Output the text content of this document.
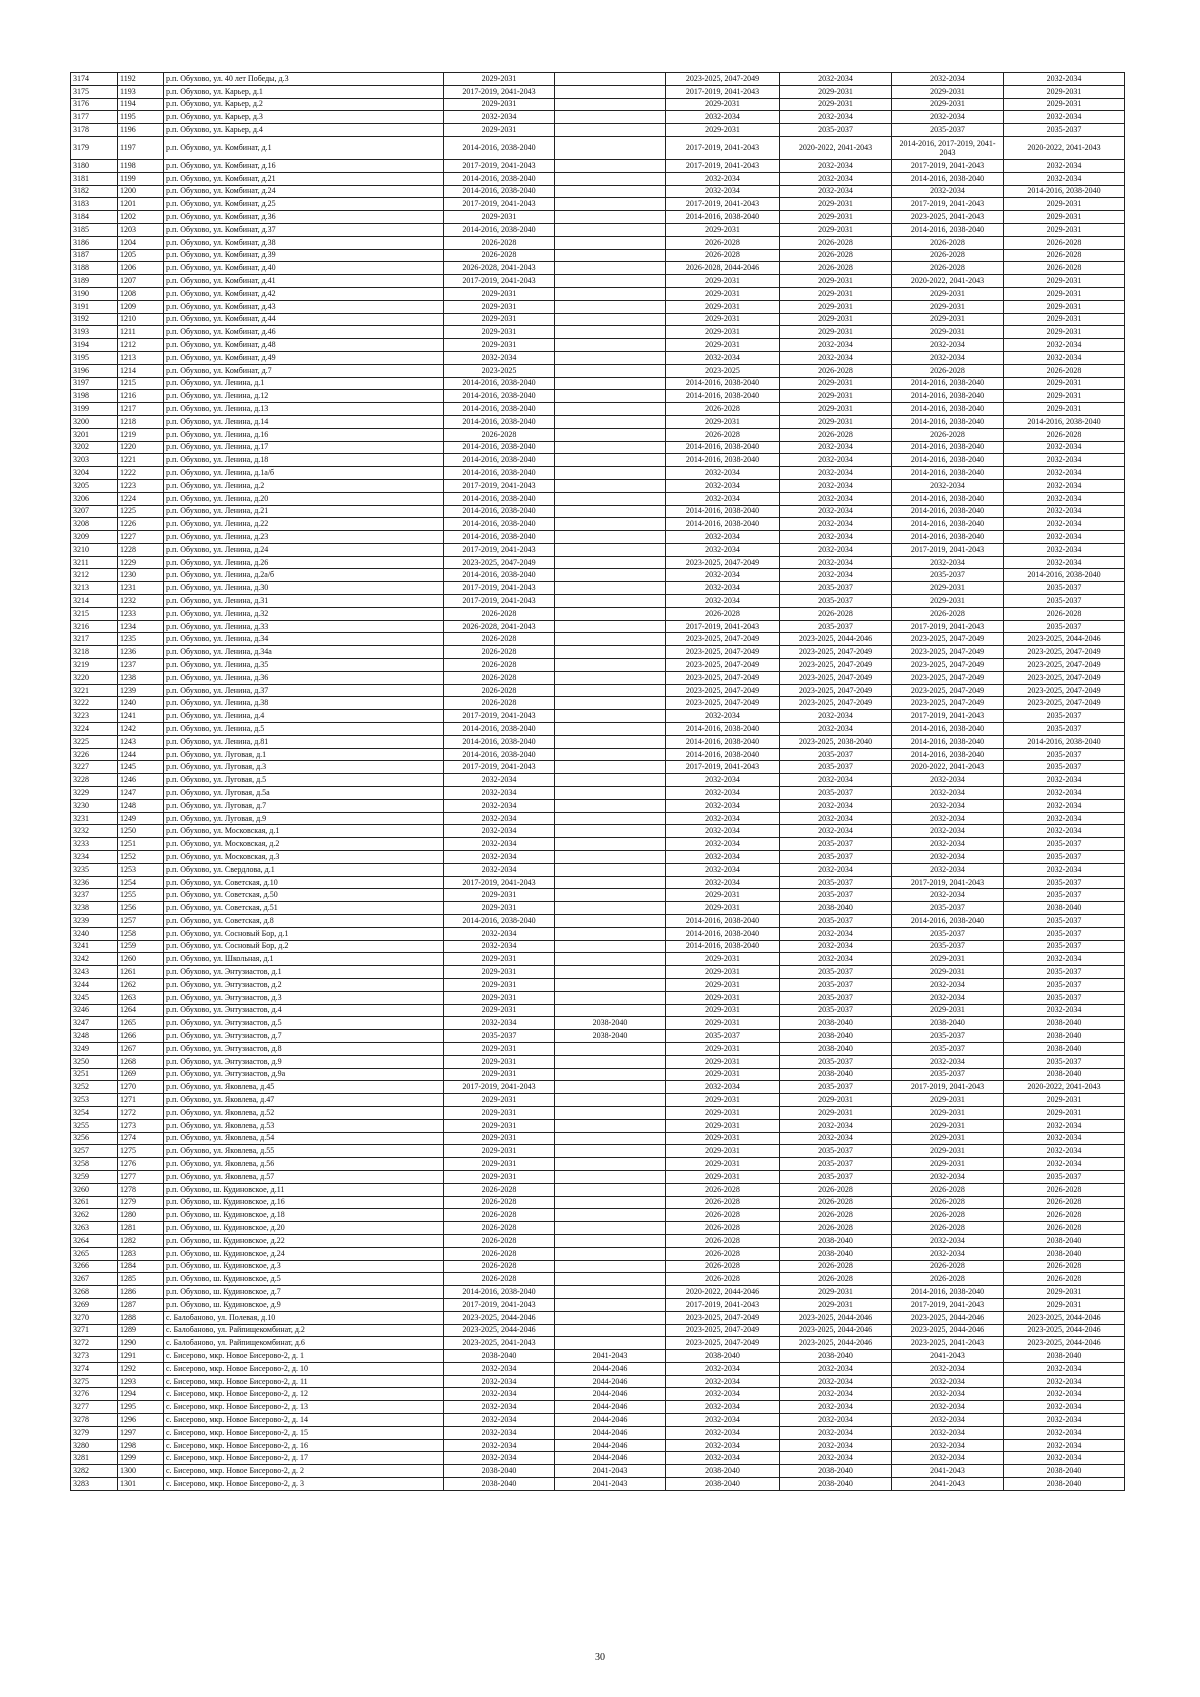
3174	1192	р.п. Обухово, ул. 40 лет Победы, д.3	2029-2031		2023-2025, 2047-2049	2032-2034	2032-2034	2032-2034
3175	1193	р.п. Обухово, ул. Карьер, д.1	2017-2019, 2041-2043		2017-2019, 2041-2043	2029-2031	2029-2031	2029-2031
3176	1194	р.п. Обухово, ул. Карьер, д.2	2029-2031		2029-2031	2029-2031	2029-2031	2029-2031
3177	1195	р.п. Обухово, ул. Карьер, д.3	2032-2034		2032-2034	2032-2034	2032-2034	2032-2034
3178	1196	р.п. Обухово, ул. Карьер, д.4	2029-2031		2029-2031	2035-2037	2035-2037	2035-2037
3179	1197	р.п. Обухово, ул. Комбинат, д.1	2014-2016, 2038-2040		2017-2019, 2041-2043	2020-2022, 2041-2043	2014-2016, 2017-2019, 2041-2043	2020-2022, 2041-2043
3180	1198	р.п. Обухово, ул. Комбинат, д.16	2017-2019, 2041-2043		2017-2019, 2041-2043	2032-2034	2017-2019, 2041-2043	2032-2034
3181	1199	р.п. Обухово, ул. Комбинат, д.21	2014-2016, 2038-2040		2032-2034	2032-2034	2014-2016, 2038-2040	2032-2034
3182	1200	р.п. Обухово, ул. Комбинат, д.24	2014-2016, 2038-2040		2032-2034	2032-2034	2032-2034	2014-2016, 2038-2040
3183	1201	р.п. Обухово, ул. Комбинат, д.25	2017-2019, 2041-2043		2017-2019, 2041-2043	2029-2031	2017-2019, 2041-2043	2029-2031
3184	1202	р.п. Обухово, ул. Комбинат, д.36	2029-2031		2014-2016, 2038-2040	2029-2031	2023-2025, 2041-2043	2029-2031
3185	1203	р.п. Обухово, ул. Комбинат, д.37	2014-2016, 2038-2040		2029-2031	2029-2031	2014-2016, 2038-2040	2029-2031
3186	1204	р.п. Обухово, ул. Комбинат, д.38	2026-2028		2026-2028	2026-2028	2026-2028	2026-2028
3187	1205	р.п. Обухово, ул. Комбинат, д.39	2026-2028		2026-2028	2026-2028	2026-2028	2026-2028
3188	1206	р.п. Обухово, ул. Комбинат, д.40	2026-2028, 2041-2043		2026-2028, 2044-2046	2026-2028	2026-2028	2026-2028
3189	1207	р.п. Обухово, ул. Комбинат, д.41	2017-2019, 2041-2043		2029-2031	2029-2031	2020-2022, 2041-2043	2029-2031
3190	1208	р.п. Обухово, ул. Комбинат, д.42	2029-2031		2029-2031	2029-2031	2029-2031	2029-2031
3191	1209	р.п. Обухово, ул. Комбинат, д.43	2029-2031		2029-2031	2029-2031	2029-2031	2029-2031
3192	1210	р.п. Обухово, ул. Комбинат, д.44	2029-2031		2029-2031	2029-2031	2029-2031	2029-2031
3193	1211	р.п. Обухово, ул. Комбинат, д.46	2029-2031		2029-2031	2029-2031	2029-2031	2029-2031
3194	1212	р.п. Обухово, ул. Комбинат, д.48	2029-2031		2029-2031	2032-2034	2032-2034	2032-2034
3195	1213	р.п. Обухово, ул. Комбинат, д.49	2032-2034		2032-2034	2032-2034	2032-2034	2032-2034
3196	1214	р.п. Обухово, ул. Комбинат, д.7	2023-2025		2023-2025	2026-2028	2026-2028	2026-2028
3197	1215	р.п. Обухово, ул. Ленина, д.1	2014-2016, 2038-2040		2014-2016, 2038-2040	2029-2031	2014-2016, 2038-2040	2029-2031
3198	1216	р.п. Обухово, ул. Ленина, д.12	2014-2016, 2038-2040		2014-2016, 2038-2040	2029-2031	2014-2016, 2038-2040	2029-2031
3199	1217	р.п. Обухово, ул. Ленина, д.13	2014-2016, 2038-2040		2026-2028	2029-2031	2014-2016, 2038-2040	2029-2031
3200	1218	р.п. Обухово, ул. Ленина, д.14	2014-2016, 2038-2040		2029-2031	2029-2031	2014-2016, 2038-2040	2014-2016, 2038-2040
3201	1219	р.п. Обухово, ул. Ленина, д.16	2026-2028		2026-2028	2026-2028	2026-2028	2026-2028
3202	1220	р.п. Обухово, ул. Ленина, д.17	2014-2016, 2038-2040		2014-2016, 2038-2040	2032-2034	2014-2016, 2038-2040	2032-2034
3203	1221	р.п. Обухово, ул. Ленина, д.18	2014-2016, 2038-2040		2014-2016, 2038-2040	2032-2034	2014-2016, 2038-2040	2032-2034
3204	1222	р.п. Обухово, ул. Ленина, д.1а/б	2014-2016, 2038-2040		2032-2034	2032-2034	2014-2016, 2038-2040	2032-2034
3205	1223	р.п. Обухово, ул. Ленина, д.2	2017-2019, 2041-2043		2032-2034	2032-2034	2032-2034	2032-2034
3206	1224	р.п. Обухово, ул. Ленина, д.20	2014-2016, 2038-2040		2032-2034	2032-2034	2014-2016, 2038-2040	2032-2034
3207	1225	р.п. Обухово, ул. Ленина, д.21	2014-2016, 2038-2040		2014-2016, 2038-2040	2032-2034	2014-2016, 2038-2040	2032-2034
3208	1226	р.п. Обухово, ул. Ленина, д.22	2014-2016, 2038-2040		2014-2016, 2038-2040	2032-2034	2014-2016, 2038-2040	2032-2034
3209	1227	р.п. Обухово, ул. Ленина, д.23	2014-2016, 2038-2040		2032-2034	2032-2034	2014-2016, 2038-2040	2032-2034
3210	1228	р.п. Обухово, ул. Ленина, д.24	2017-2019, 2041-2043		2032-2034	2032-2034	2017-2019, 2041-2043	2032-2034
3211	1229	р.п. Обухово, ул. Ленина, д.26	2023-2025, 2047-2049		2023-2025, 2047-2049	2032-2034	2032-2034	2032-2034
3212	1230	р.п. Обухово, ул. Ленина, д.2а/б	2014-2016, 2038-2040		2032-2034	2032-2034	2035-2037	2014-2016, 2038-2040
3213	1231	р.п. Обухово, ул. Ленина, д.30	2017-2019, 2041-2043		2032-2034	2035-2037	2029-2031	2035-2037
3214	1232	р.п. Обухово, ул. Ленина, д.31	2017-2019, 2041-2043		2032-2034	2035-2037	2029-2031	2035-2037
3215	1233	р.п. Обухово, ул. Ленина, д.32	2026-2028		2026-2028	2026-2028	2026-2028	2026-2028
3216	1234	р.п. Обухово, ул. Ленина, д.33	2026-2028, 2041-2043		2017-2019, 2041-2043	2035-2037	2017-2019, 2041-2043	2035-2037
3217	1235	р.п. Обухово, ул. Ленина, д.34	2026-2028		2023-2025, 2047-2049	2023-2025, 2044-2046	2023-2025, 2047-2049	2023-2025, 2044-2046
3218	1236	р.п. Обухово, ул. Ленина, д.34а	2026-2028		2023-2025, 2047-2049	2023-2025, 2047-2049	2023-2025, 2047-2049	2023-2025, 2047-2049
3219	1237	р.п. Обухово, ул. Ленина, д.35	2026-2028		2023-2025, 2047-2049	2023-2025, 2047-2049	2023-2025, 2047-2049	2023-2025, 2047-2049
3220	1238	р.п. Обухово, ул. Ленина, д.36	2026-2028		2023-2025, 2047-2049	2023-2025, 2047-2049	2023-2025, 2047-2049	2023-2025, 2047-2049
3221	1239	р.п. Обухово, ул. Ленина, д.37	2026-2028		2023-2025, 2047-2049	2023-2025, 2047-2049	2023-2025, 2047-2049	2023-2025, 2047-2049
3222	1240	р.п. Обухово, ул. Ленина, д.38	2026-2028		2023-2025, 2047-2049	2023-2025, 2047-2049	2023-2025, 2047-2049	2023-2025, 2047-2049
3223	1241	р.п. Обухово, ул. Ленина, д.4	2017-2019, 2041-2043		2032-2034	2032-2034	2017-2019, 2041-2043	2035-2037
3224	1242	р.п. Обухово, ул. Ленина, д.5	2014-2016, 2038-2040		2014-2016, 2038-2040	2032-2034	2014-2016, 2038-2040	2035-2037
3225	1243	р.п. Обухово, ул. Ленина, д.81	2014-2016, 2038-2040		2014-2016, 2038-2040	2023-2025, 2038-2040	2014-2016, 2038-2040	2014-2016, 2038-2040
3226	1244	р.п. Обухово, ул. Луговая, д.1	2014-2016, 2038-2040		2014-2016, 2038-2040	2035-2037	2014-2016, 2038-2040	2035-2037
3227	1245	р.п. Обухово, ул. Луговая, д.3	2017-2019, 2041-2043		2017-2019, 2041-2043	2035-2037	2020-2022, 2041-2043	2035-2037
3228	1246	р.п. Обухово, ул. Луговая, д.5	2032-2034		2032-2034	2032-2034	2032-2034	2032-2034
3229	1247	р.п. Обухово, ул. Луговая, д.5а	2032-2034		2032-2034	2035-2037	2032-2034	2032-2034
3230	1248	р.п. Обухово, ул. Луговая, д.7	2032-2034		2032-2034	2032-2034	2032-2034	2032-2034
3231	1249	р.п. Обухово, ул. Луговая, д.9	2032-2034		2032-2034	2032-2034	2032-2034	2032-2034
3232	1250	р.п. Обухово, ул. Московская, д.1	2032-2034		2032-2034	2032-2034	2032-2034	2032-2034
3233	1251	р.п. Обухово, ул. Московская, д.2	2032-2034		2032-2034	2035-2037	2032-2034	2035-2037
3234	1252	р.п. Обухово, ул. Московская, д.3	2032-2034		2032-2034	2035-2037	2032-2034	2035-2037
3235	1253	р.п. Обухово, ул. Свердлова, д.1	2032-2034		2032-2034	2032-2034	2032-2034	2032-2034
3236	1254	р.п. Обухово, ул. Советская, д.10	2017-2019, 2041-2043		2032-2034	2035-2037	2017-2019, 2041-2043	2035-2037
3237	1255	р.п. Обухово, ул. Советская, д.50	2029-2031		2029-2031	2035-2037	2032-2034	2035-2037
3238	1256	р.п. Обухово, ул. Советская, д.51	2029-2031		2029-2031	2038-2040	2035-2037	2038-2040
3239	1257	р.п. Обухово, ул. Советская, д.8	2014-2016, 2038-2040		2014-2016, 2038-2040	2035-2037	2014-2016, 2038-2040	2035-2037
3240	1258	р.п. Обухово, ул. Сосновый Бор, д.1	2032-2034		2014-2016, 2038-2040	2032-2034	2035-2037	2035-2037
3241	1259	р.п. Обухово, ул. Сосновый Бор, д.2	2032-2034		2014-2016, 2038-2040	2032-2034	2035-2037	2035-2037
3242	1260	р.п. Обухово, ул. Школьная, д.1	2029-2031		2029-2031	2032-2034	2029-2031	2032-2034
3243	1261	р.п. Обухово, ул. Энтузиастов, д.1	2029-2031		2029-2031	2035-2037	2029-2031	2035-2037
3244	1262	р.п. Обухово, ул. Энтузиастов, д.2	2029-2031		2029-2031	2035-2037	2032-2034	2035-2037
3245	1263	р.п. Обухово, ул. Энтузиастов, д.3	2029-2031		2029-2031	2035-2037	2032-2034	2035-2037
3246	1264	р.п. Обухово, ул. Энтузиастов, д.4	2029-2031		2029-2031	2035-2037	2029-2031	2032-2034
3247	1265	р.п. Обухово, ул. Энтузиастов, д.5	2032-2034	2038-2040	2029-2031	2038-2040	2038-2040	2038-2040
3248	1266	р.п. Обухово, ул. Энтузиастов, д.7	2035-2037	2038-2040	2035-2037	2038-2040	2035-2037	2038-2040
3249	1267	р.п. Обухово, ул. Энтузиастов, д.8	2029-2031		2029-2031	2038-2040	2035-2037	2038-2040
3250	1268	р.п. Обухово, ул. Энтузиастов, д.9	2029-2031		2029-2031	2035-2037	2032-2034	2035-2037
3251	1269	р.п. Обухово, ул. Энтузиастов, д.9а	2029-2031		2029-2031	2038-2040	2035-2037	2038-2040
3252	1270	р.п. Обухово, ул. Яковлева, д.45	2017-2019, 2041-2043		2032-2034	2035-2037	2017-2019, 2041-2043	2020-2022, 2041-2043
3253	1271	р.п. Обухово, ул. Яковлева, д.47	2029-2031		2029-2031	2029-2031	2029-2031	2029-2031
3254	1272	р.п. Обухово, ул. Яковлева, д.52	2029-2031		2029-2031	2029-2031	2029-2031	2029-2031
3255	1273	р.п. Обухово, ул. Яковлева, д.53	2029-2031		2029-2031	2032-2034	2029-2031	2032-2034
3256	1274	р.п. Обухово, ул. Яковлева, д.54	2029-2031		2029-2031	2032-2034	2029-2031	2032-2034
3257	1275	р.п. Обухово, ул. Яковлева, д.55	2029-2031		2029-2031	2035-2037	2029-2031	2032-2034
3258	1276	р.п. Обухово, ул. Яковлева, д.56	2029-2031		2029-2031	2035-2037	2029-2031	2032-2034
3259	1277	р.п. Обухово, ул. Яковлева, д.57	2029-2031		2029-2031	2035-2037	2032-2034	2035-2037
3260	1278	р.п. Обухово, ш. Кудиновское, д.11	2026-2028		2026-2028	2026-2028	2026-2028	2026-2028
3261	1279	р.п. Обухово, ш. Кудиновское, д.16	2026-2028		2026-2028	2026-2028	2026-2028	2026-2028
3262	1280	р.п. Обухово, ш. Кудиновское, д.18	2026-2028		2026-2028	2026-2028	2026-2028	2026-2028
3263	1281	р.п. Обухово, ш. Кудиновское, д.20	2026-2028		2026-2028	2026-2028	2026-2028	2026-2028
3264	1282	р.п. Обухово, ш. Кудиновское, д.22	2026-2028		2026-2028	2038-2040	2032-2034	2038-2040
3265	1283	р.п. Обухово, ш. Кудиновское, д.24	2026-2028		2026-2028	2038-2040	2032-2034	2038-2040
3266	1284	р.п. Обухово, ш. Кудиновское, д.3	2026-2028		2026-2028	2026-2028	2026-2028	2026-2028
3267	1285	р.п. Обухово, ш. Кудиновское, д.5	2026-2028		2026-2028	2026-2028	2026-2028	2026-2028
3268	1286	р.п. Обухово, ш. Кудиновское, д.7	2014-2016, 2038-2040		2020-2022, 2044-2046	2029-2031	2014-2016, 2038-2040	2029-2031
3269	1287	р.п. Обухово, ш. Кудиновское, д.9	2017-2019, 2041-2043		2017-2019, 2041-2043	2029-2031	2017-2019, 2041-2043	2029-2031
3270	1288	с. Балобаново, ул. Полевая, д.10	2023-2025, 2044-2046		2023-2025, 2047-2049	2023-2025, 2044-2046	2023-2025, 2044-2046	2023-2025, 2044-2046
3271	1289	с. Балобаново, ул. Райпищекомбинат, д.2	2023-2025, 2044-2046		2023-2025, 2047-2049	2023-2025, 2044-2046	2023-2025, 2044-2046	2023-2025, 2044-2046
3272	1290	с. Балобаново, ул. Райпищекомбинат, д.6	2023-2025, 2041-2043		2023-2025, 2047-2049	2023-2025, 2044-2046	2023-2025, 2041-2043	2023-2025, 2044-2046
3273	1291	с. Бисерово, мкр. Новое Бисерово-2, д. 1	2038-2040	2041-2043	2038-2040	2038-2040	2041-2043	2038-2040
3274	1292	с. Бисерово, мкр. Новое Бисерово-2, д. 10	2032-2034	2044-2046	2032-2034	2032-2034	2032-2034	2032-2034
3275	1293	с. Бисерово, мкр. Новое Бисерово-2, д. 11	2032-2034	2044-2046	2032-2034	2032-2034	2032-2034	2032-2034
3276	1294	с. Бисерово, мкр. Новое Бисерово-2, д. 12	2032-2034	2044-2046	2032-2034	2032-2034	2032-2034	2032-2034
3277	1295	с. Бисерово, мкр. Новое Бисерово-2, д. 13	2032-2034	2044-2046	2032-2034	2032-2034	2032-2034	2032-2034
3278	1296	с. Бисерово, мкр. Новое Бисерово-2, д. 14	2032-2034	2044-2046	2032-2034	2032-2034	2032-2034	2032-2034
3279	1297	с. Бисерово, мкр. Новое Бисерово-2, д. 15	2032-2034	2044-2046	2032-2034	2032-2034	2032-2034	2032-2034
3280	1298	с. Бисерово, мкр. Новое Бисерово-2, д. 16	2032-2034	2044-2046	2032-2034	2032-2034	2032-2034	2032-2034
3281	1299	с. Бисерово, мкр. Новое Бисерово-2, д. 17	2032-2034	2044-2046	2032-2034	2032-2034	2032-2034	2032-2034
3282	1300	с. Бисерово, мкр. Новое Бисерово-2, д. 2	2038-2040	2041-2043	2038-2040	2038-2040	2041-2043	2038-2040
3283	1301	с. Бисерово, мкр. Новое Бисерово-2, д. 3	2038-2040	2041-2043	2038-2040	2038-2040	2041-2043	2038-2040
30
